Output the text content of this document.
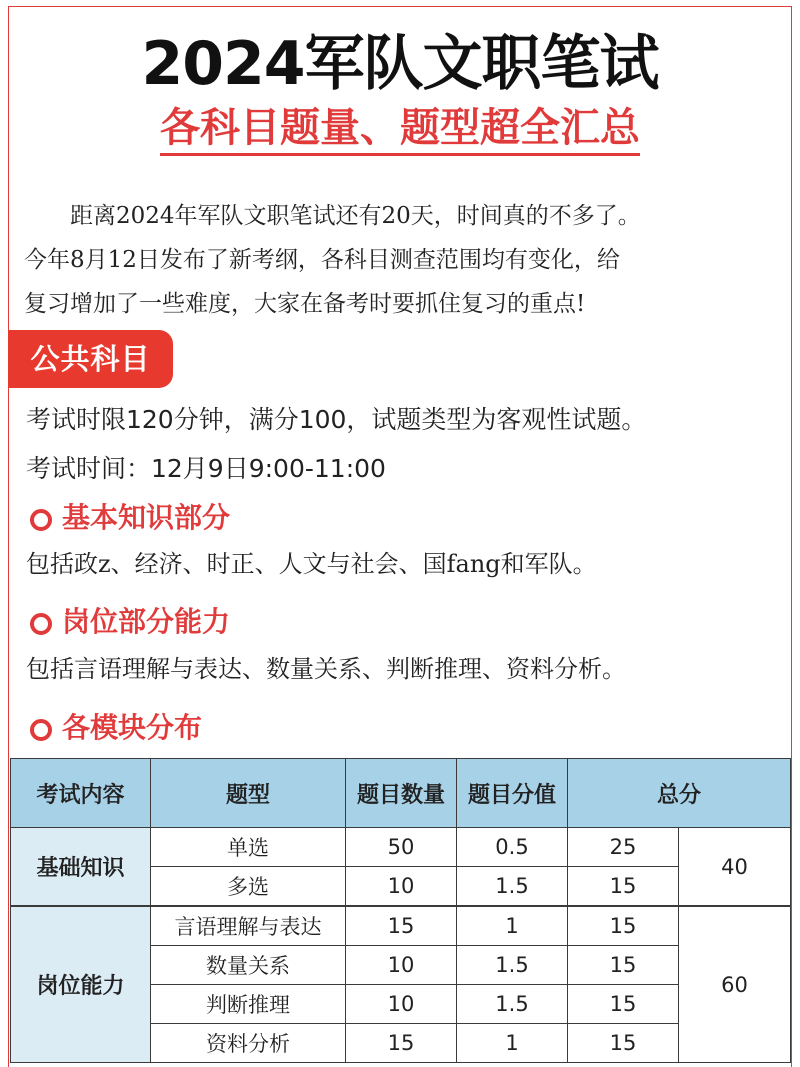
2024军队文职笔试
各科目题量、题型超全汇总
距离2024年军队文职笔试还有20天，时间真的不多了。
今年8月12日发布了新考纲，各科目测查范围均有变化，给
复习增加了一些难度，大家在备考时要抓住复习的重点!
公共科目
考试时限120分钟，满分100，试题类型为客观性试题。
考试时间：12月9日9:00-11:00
基本知识部分
包括政z、经济、时正、人文与社会、国fang和军队。
岗位部分能力
包括言语理解与表达、数量关系、判断推理、资料分析。
各模块分布
考试内容	题型	题目数量	题目分值	总分	
基础知识	单选	50	0.5	25	40
	多选	10	1.5	15	
岗位能力	言语理解与表达	15	1	15	60
	数量关系	10	1.5	15	
	判断推理	10	1.5	15	
	资料分析	15	1	15	
